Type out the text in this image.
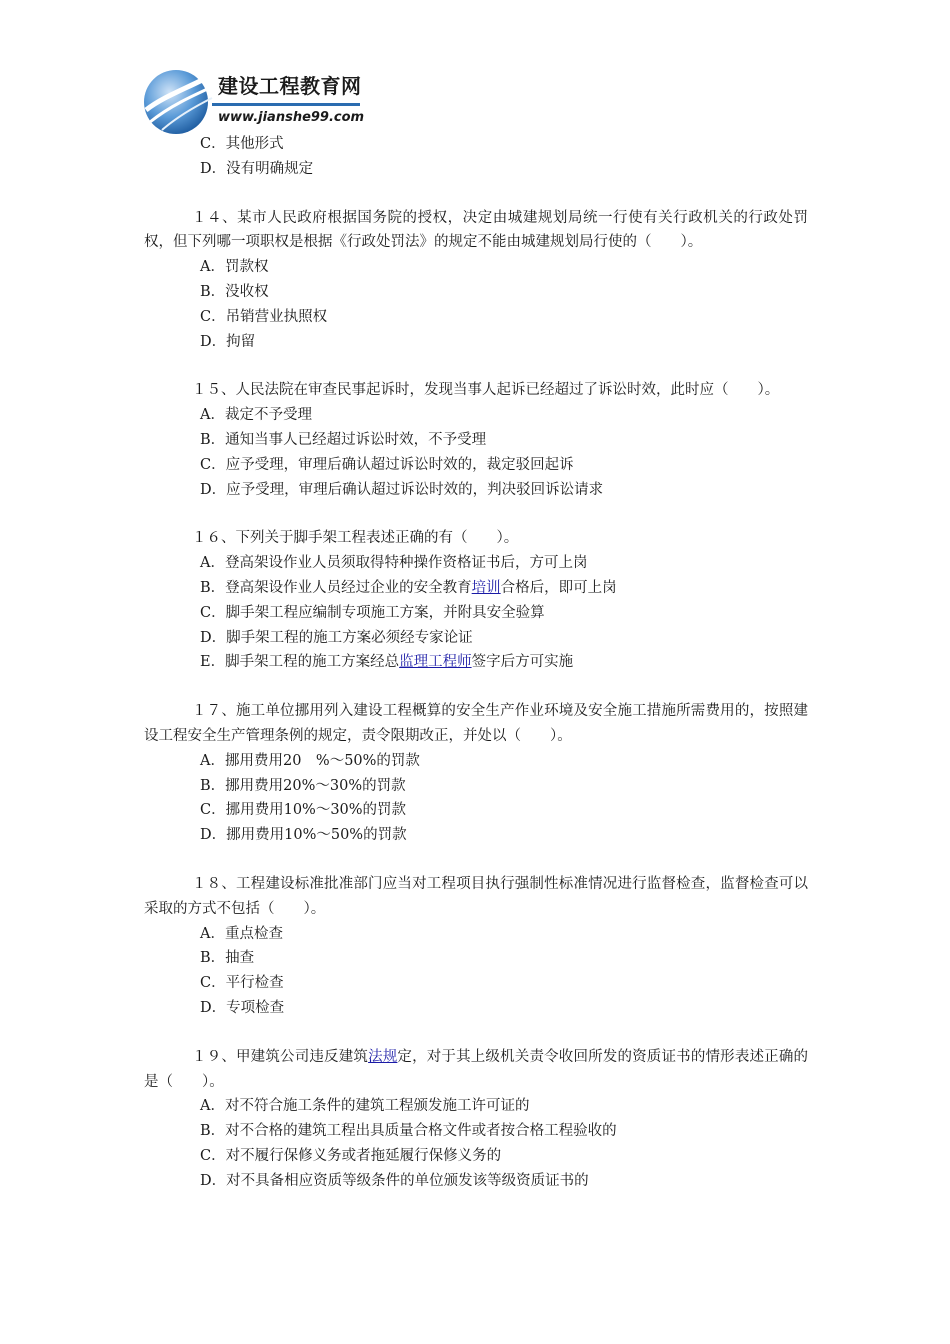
建设工程教育网
www.jianshe99.com
C．其他形式
D．没有明确规定
１４、某市人民政府根据国务院的授权，决定由城建规划局统一行使有关行政机关的行政处罚权，但下列哪一项职权是根据《行政处罚法》的规定不能由城建规划局行使的（　　）。
A．罚款权
B．没收权
C．吊销营业执照权
D．拘留
１５、人民法院在审查民事起诉时，发现当事人起诉已经超过了诉讼时效，此时应（　　）。
A．裁定不予受理
B．通知当事人已经超过诉讼时效，不予受理
C．应予受理，审理后确认超过诉讼时效的，裁定驳回起诉
D．应予受理，审理后确认超过诉讼时效的，判决驳回诉讼请求
１６、下列关于脚手架工程表述正确的有（　　）。
A．登高架设作业人员须取得特种操作资格证书后，方可上岗
B．登高架设作业人员经过企业的安全教育培训合格后，即可上岗
C．脚手架工程应编制专项施工方案，并附具安全验算
D．脚手架工程的施工方案必须经专家论证
E．脚手架工程的施工方案经总监理工程师签字后方可实施
１７、施工单位挪用列入建设工程概算的安全生产作业环境及安全施工措施所需费用的，按照建设工程安全生产管理条例的规定，责令限期改正，并处以（　　）。
A．挪用费用20　%～50%的罚款
B．挪用费用20%～30%的罚款
C．挪用费用10%～30%的罚款
D．挪用费用10%～50%的罚款
１８、工程建设标准批准部门应当对工程项目执行强制性标准情况进行监督检查，监督检查可以采取的方式不包括（　　）。
A．重点检查
B．抽查
C．平行检查
D．专项检查
１９、甲建筑公司违反建筑法规定，对于其上级机关责令收回所发的资质证书的情形表述正确的是（　　）。
A．对不符合施工条件的建筑工程颁发施工许可证的
B．对不合格的建筑工程出具质量合格文件或者按合格工程验收的
C．对不履行保修义务或者拖延履行保修义务的
D．对不具备相应资质等级条件的单位颁发该等级资质证书的
